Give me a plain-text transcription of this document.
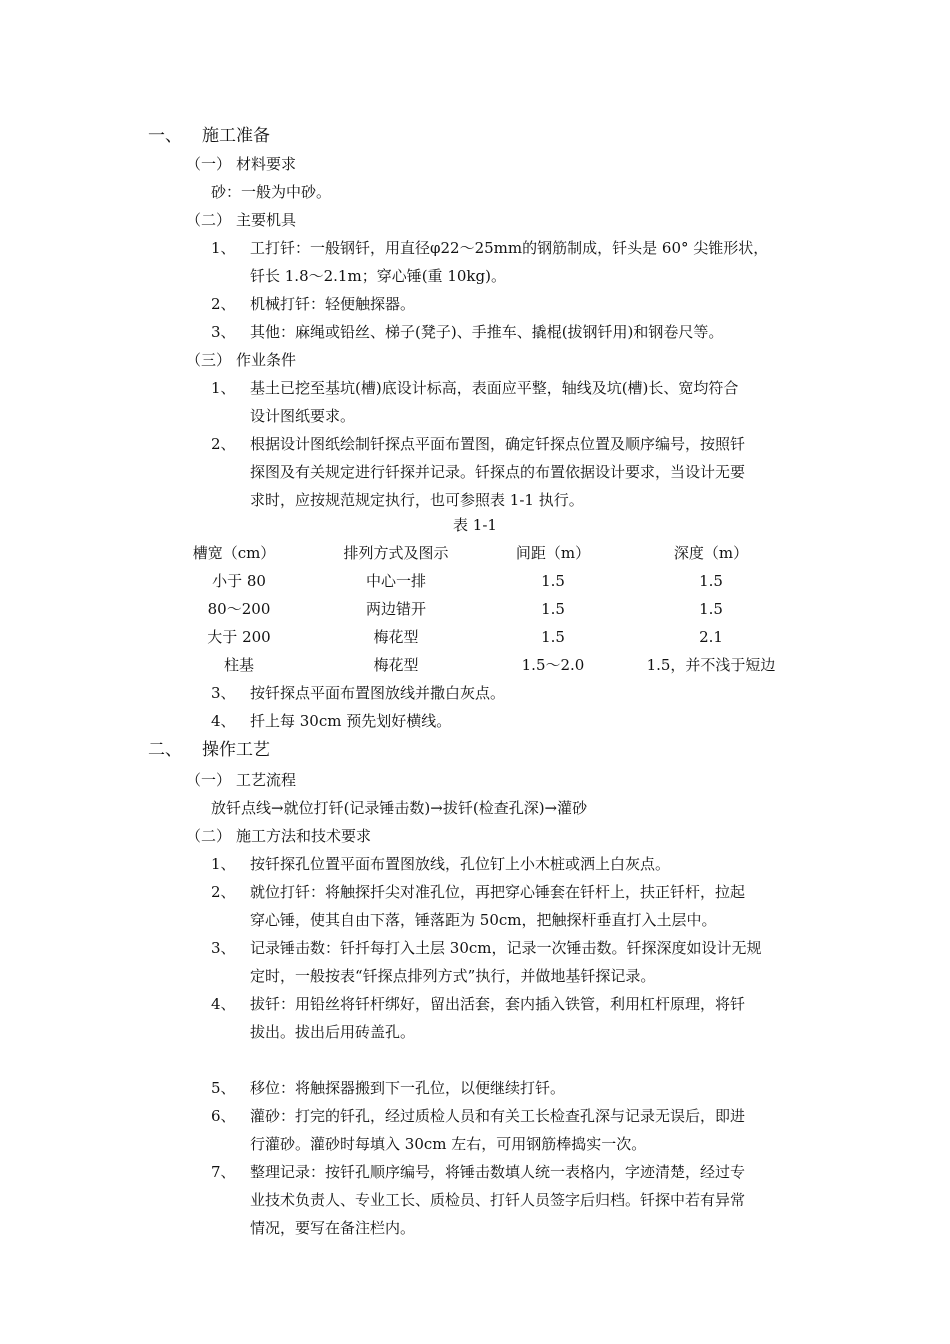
一、 施工准备
（一） 材料要求
砂：一般为中砂。
（二） 主要机具
1、 工打钎：一般钢钎，用直径φ22～25mm的钢筋制成，钎头是 60° 尖锥形状，
钎长 1.8～2.1m；穿心锤(重 10kg)。
2、 机械打钎：轻便触探器。
3、 其他：麻绳或铅丝、梯子(凳子)、手推车、撬棍(拔钢钎用)和钢卷尺等。
（三） 作业条件
1、 基土已挖至基坑(槽)底设计标高，表面应平整，轴线及坑(槽)长、宽均符合
设计图纸要求。
2、 根据设计图纸绘制钎探点平面布置图，确定钎探点位置及顺序编号，按照钎
探图及有关规定进行钎探并记录。钎探点的布置依据设计要求，当设计无要
求时，应按规范规定执行，也可参照表 1-1 执行。
表 1-1
槽宽（cm）	排列方式及图示	间距（m）	深度（m）
小于 80	中心一排	1.5	1.5
80～200	两边错开	1.5	1.5
大于 200	梅花型	1.5	2.1
柱基	梅花型	1.5～2.0	1.5，并不浅于短边
3、 按钎探点平面布置图放线并撒白灰点。
4、 扦上每 30cm 预先划好横线。
二、 操作工艺
（一） 工艺流程
放钎点线→就位打钎(记录锤击数)→拔钎(检查孔深)→灌砂
（二） 施工方法和技术要求
1、 按钎探孔位置平面布置图放线，孔位钉上小木桩或洒上白灰点。
2、 就位打钎：将触探扦尖对准孔位，再把穿心锤套在钎杆上，扶正钎杆，拉起
穿心锤，使其自由下落，锤落距为 50cm，把触探杆垂直打入土层中。
3、 记录锤击数：钎扦每打入土层 30cm，记录一次锤击数。钎探深度如设计无规
定时，一般按表“钎探点排列方式”执行，并做地基钎探记录。
4、 拔钎：用铅丝将钎杆绑好，留出活套，套内插入铁管，利用杠杆原理，将钎
拔出。拔出后用砖盖孔。
5、 移位：将触探器搬到下一孔位，以便继续打钎。
6、 灌砂：打完的钎孔，经过质检人员和有关工长检查孔深与记录无误后，即进
行灌砂。灌砂时每填入 30cm 左右，可用钢筋棒捣实一次。
7、 整理记录：按钎孔顺序编号，将锤击数填人统一表格内，字迹清楚，经过专
业技术负责人、专业工长、质检员、打钎人员签字后归档。钎探中若有异常
情况，要写在备注栏内。
